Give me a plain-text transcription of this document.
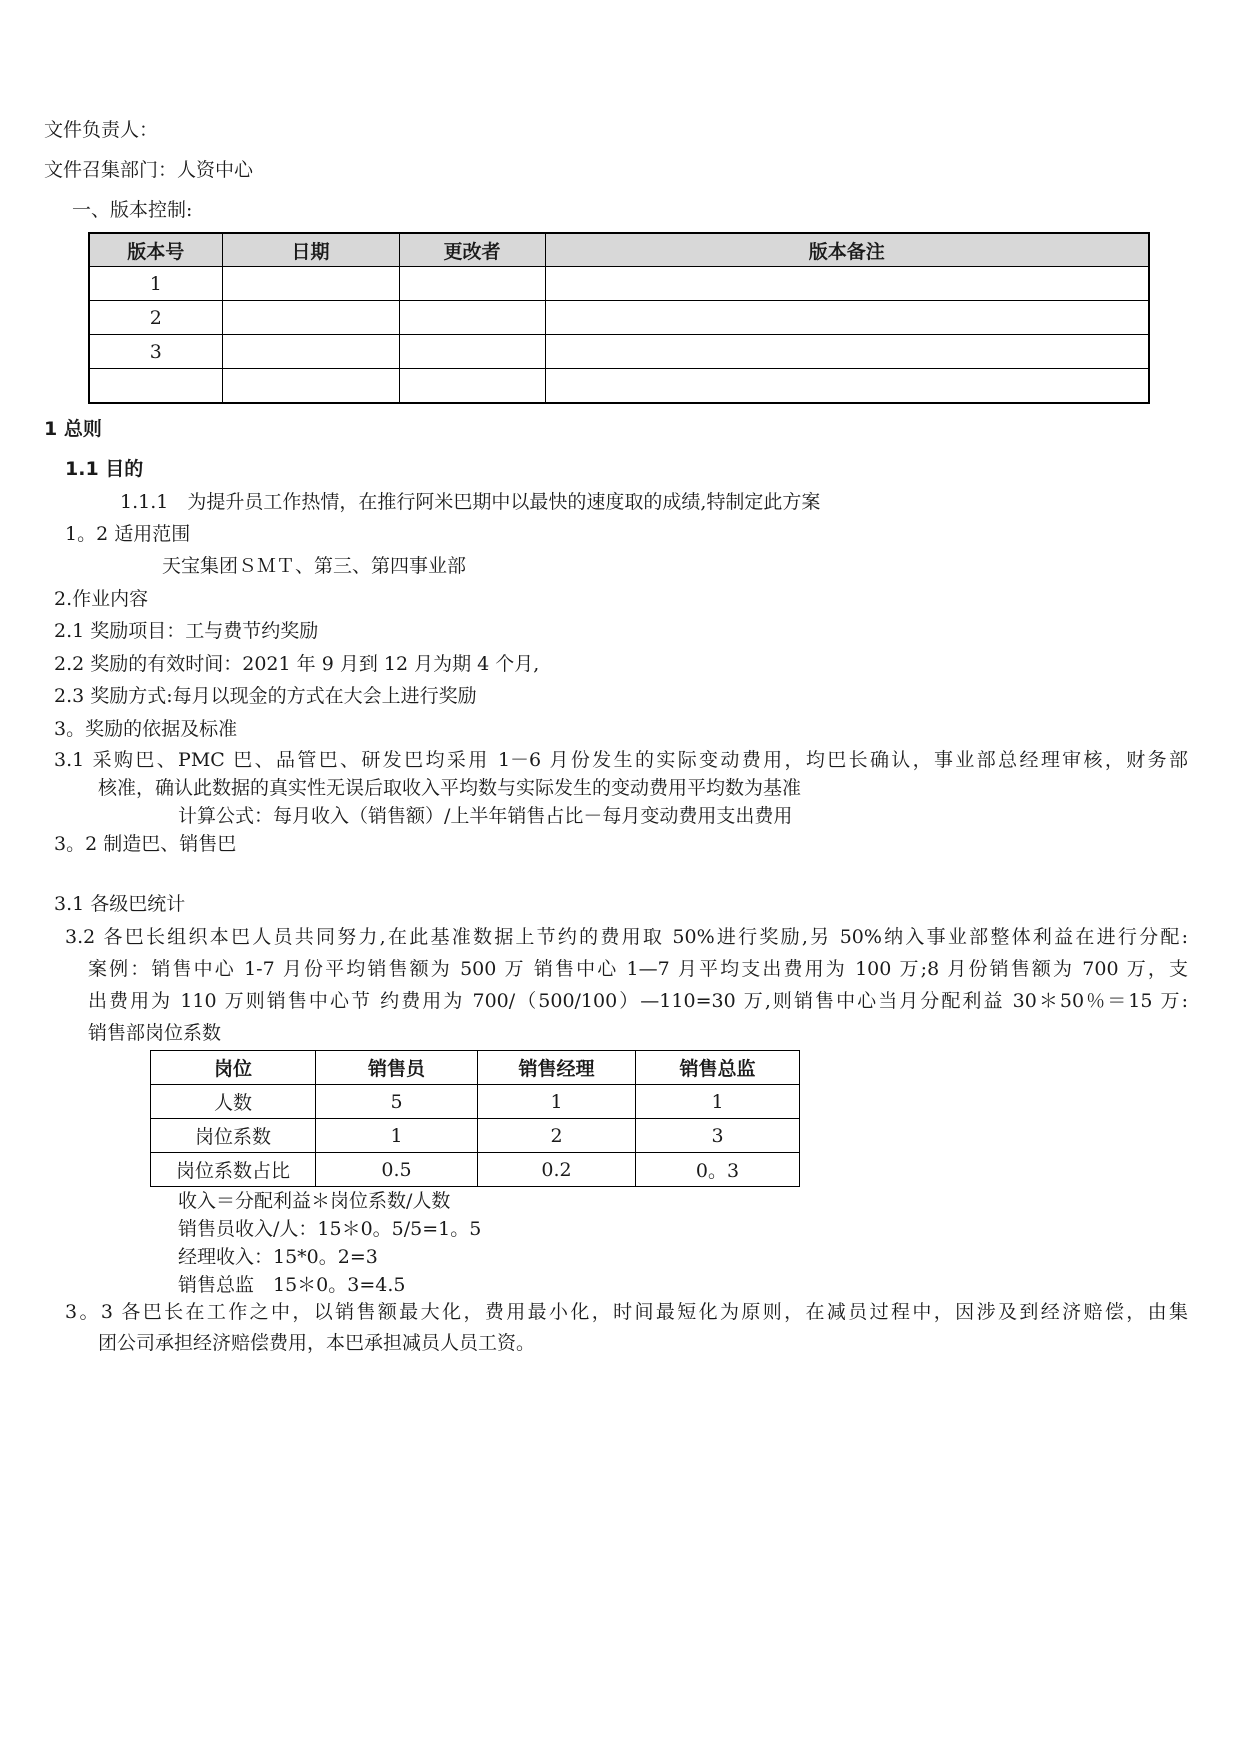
文件负责人：
文件召集部门：人资中心
一、版本控制:
版本号	日期	更改者	版本备注
1			
2			
3			

1 总则
1.1 目的
1.1.1　为提升员工作热情，在推行阿米巴期中以最快的速度取的成绩,特制定此方案
1。2 适用范围
天宝集团ＳＭＴ、第三、第四事业部
2.作业内容
2.1 奖励项目：工与费节约奖励
2.2 奖励的有效时间：2021 年 9 月到 12 月为期 4 个月,
2.3 奖励方式:每月以现金的方式在大会上进行奖励
3。奖励的依据及标准
3.1 采购巴、PMC 巴、品管巴、研发巴均采用 1－6 月份发生的实际变动费用，均巴长确认，事业部总经理审核，财务部
核准，确认此数据的真实性无误后取收入平均数与实际发生的变动费用平均数为基准
计算公式：每月收入（销售额）/上半年销售占比－每月变动费用支出费用
3。2 制造巴、销售巴
3.1 各级巴统计
3.2 各巴长组织本巴人员共同努力,在此基准数据上节约的费用取 50%进行奖励,另 50%纳入事业部整体利益在进行分配:
案例：销售中心 1-7 月份平均销售额为 500 万 销售中心 1—7 月平均支出费用为 100 万;8 月份销售额为 700 万，支
出费用为 110 万则销售中心节 约费用为 700/（500/100）—110=30 万,则销售中心当月分配利益 30＊50％＝15 万:
销售部岗位系数
岗位	销售员	销售经理	销售总监
人数	5	1	1
岗位系数	1	2	3
岗位系数占比	0.5	0.2	0。3
收入＝分配利益＊岗位系数/人数
销售员收入/人：15＊0。5/5=1。5
经理收入：15*0。2=3
销售总监　15＊0。3=4.5
3。3 各巴长在工作之中，以销售额最大化，费用最小化，时间最短化为原则，在减员过程中，因涉及到经济赔偿，由集
团公司承担经济赔偿费用，本巴承担减员人员工资。
